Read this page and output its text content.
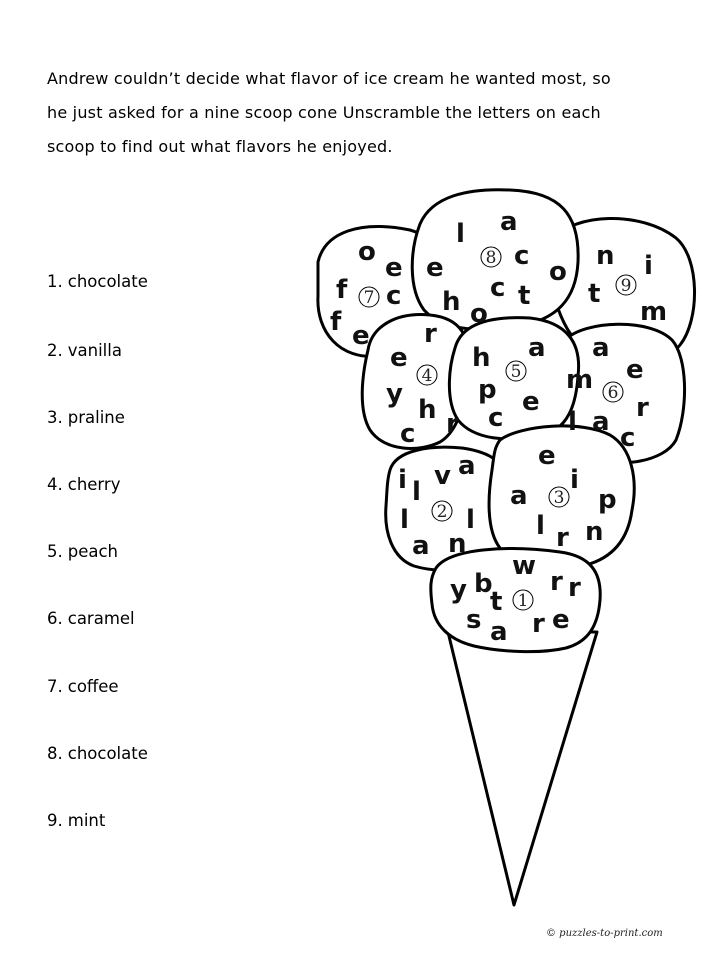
Andrew couldn’t decide what flavor of ice cream he wanted most, so
he just asked for a nine scoop cone Unscramble the letters on each
scoop to find out what flavors he enjoyed.
1. chocolate
2. vanilla
3. praline
4. cherry
5. peach
6. caramel
7. coffee
8. chocolate
9. mint
o
e
f c
f e
7
l a
e	c
o
h c t
o
8	n i
t
m
9
r
e
y
h
c r
4
h a
p e
c
5
a
m e
r
l a
c
6
i v a
l
l l
a n
2
e
i
a	p
l r n
3
w
y b
t
r r
s a r e
1
© puzzles-to-print.com
